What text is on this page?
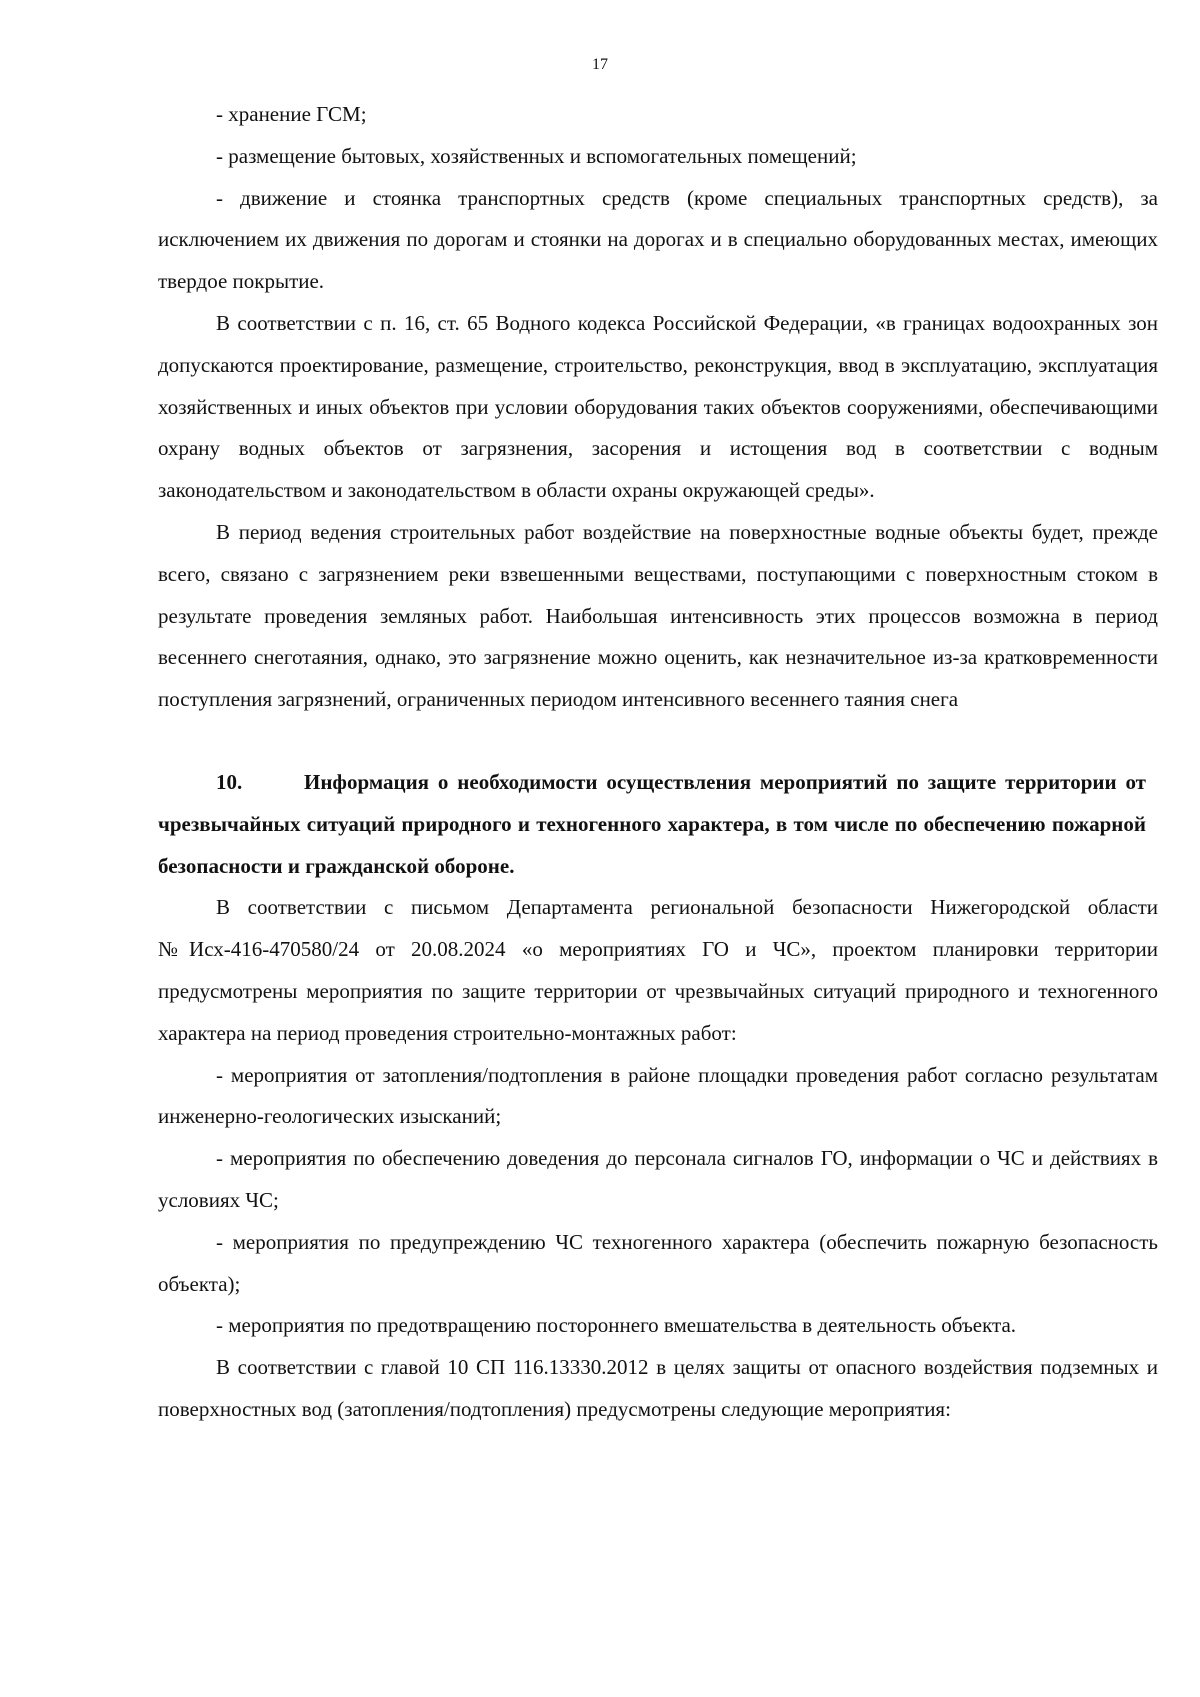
17

- хранение ГСМ;

- размещение бытовых, хозяйственных и вспомогательных помещений;

- движение и стоянка транспортных средств (кроме специальных транспортных средств), за исключением их движения по дорогам и стоянки на дорогах и в специально оборудованных местах, имеющих твердое покрытие.

В соответствии с п. 16, ст. 65 Водного кодекса Российской Федерации, «в границах водоохранных зон допускаются проектирование, размещение, строительство, реконструкция, ввод в эксплуатацию, эксплуатация хозяйственных и иных объектов при условии оборудования таких объектов сооружениями, обеспечивающими охрану водных объектов от загрязнения, засорения и истощения вод в соответствии с водным законодательством и законодательством в области охраны окружающей среды».

В период ведения строительных работ воздействие на поверхностные водные объекты будет, прежде всего, связано с загрязнением реки взвешенными веществами, поступающими с поверхностным стоком в результате проведения земляных работ. Наибольшая интенсивность этих процессов возможна в период весеннего снеготаяния, однако, это загрязнение можно оценить, как незначительное из-за кратковременности поступления загрязнений, ограниченных периодом интенсивного весеннего таяния снега

10.	Информация о необходимости осуществления мероприятий по защите территории от чрезвычайных ситуаций природного и техногенного характера, в том числе по обеспечению пожарной безопасности и гражданской обороне.

В соответствии с письмом Департамента региональной безопасности Нижегородской области №Исх-416-470580/24 от 20.08.2024 «о мероприятиях ГО и ЧС», проектом планировки территории предусмотрены мероприятия по защите территории от чрезвычайных ситуаций природного и техногенного характера на период проведения строительно-монтажных работ:

- мероприятия от затопления/подтопления в районе площадки проведения работ согласно результатам инженерно-геологических изысканий;

- мероприятия по обеспечению доведения до персонала сигналов ГО, информации о ЧС и действиях в условиях ЧС;

- мероприятия по предупреждению ЧС техногенного характера (обеспечить пожарную безопасность объекта);

- мероприятия по предотвращению постороннего вмешательства в деятельность объекта.

В соответствии с главой 10 СП 116.13330.2012 в целях защиты от опасного воздействия подземных и поверхностных вод (затопления/подтопления) предусмотрены следующие мероприятия:
